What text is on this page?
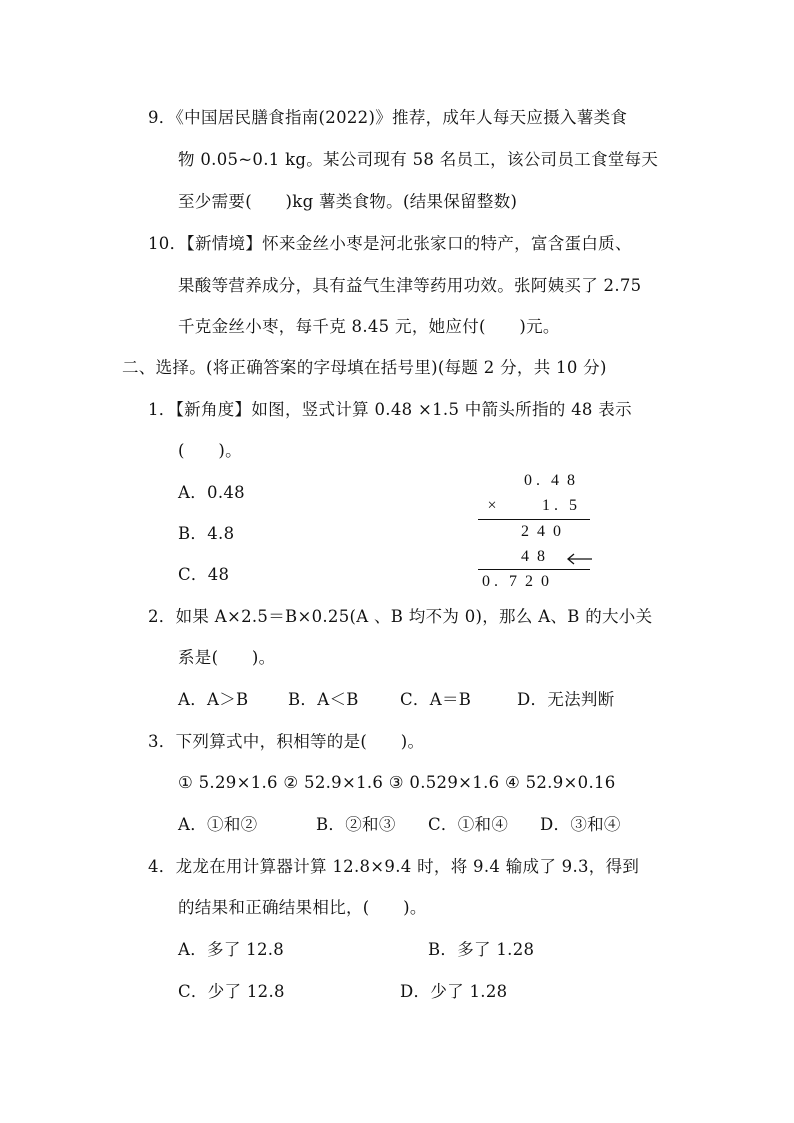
9．《中国居民膳食指南(2022)》推荐，成年人每天应摄入薯类食
物 0.05~0.1 kg。某公司现有 58 名员工，该公司员工食堂每天
至少需要(　　)kg 薯类食物。(结果保留整数)
10．【新情境】怀来金丝小枣是河北张家口的特产，富含蛋白质、
果酸等营养成分，具有益气生津等药用功效。张阿姨买了 2.75
千克金丝小枣，每千克 8.45 元，她应付(　　)元。
二、选择。(将正确答案的字母填在括号里)(每题 2 分，共 10 分)
1．【新角度】如图，竖式计算 0.48 ×1.5 中箭头所指的 48 表示
(　　)。
A．0.48
B．4.8
C．48
0 . 4 8
×	1 . 5
2 4 0
4 8
0 . 7 2 0
2．如果 A×2.5＝B×0.25(A 、B 均不为 0)，那么 A、B 的大小关
系是(　　)。
A．A＞B B．A＜B	C．A＝B	D．无法判断
3．下列算式中，积相等的是(　　)。
① 5.29×1.6 ② 52.9×1.6 ③ 0.529×1.6 ④ 52.9×0.16
A．①和②	B．②和③ C．①和④ D．③和④
4．龙龙在用计算器计算 12.8×9.4 时，将 9.4 输成了 9.3，得到
的结果和正确结果相比，(　　)。
A．多了 12.8	B．多了 1.28
C．少了 12.8	D．少了 1.28
